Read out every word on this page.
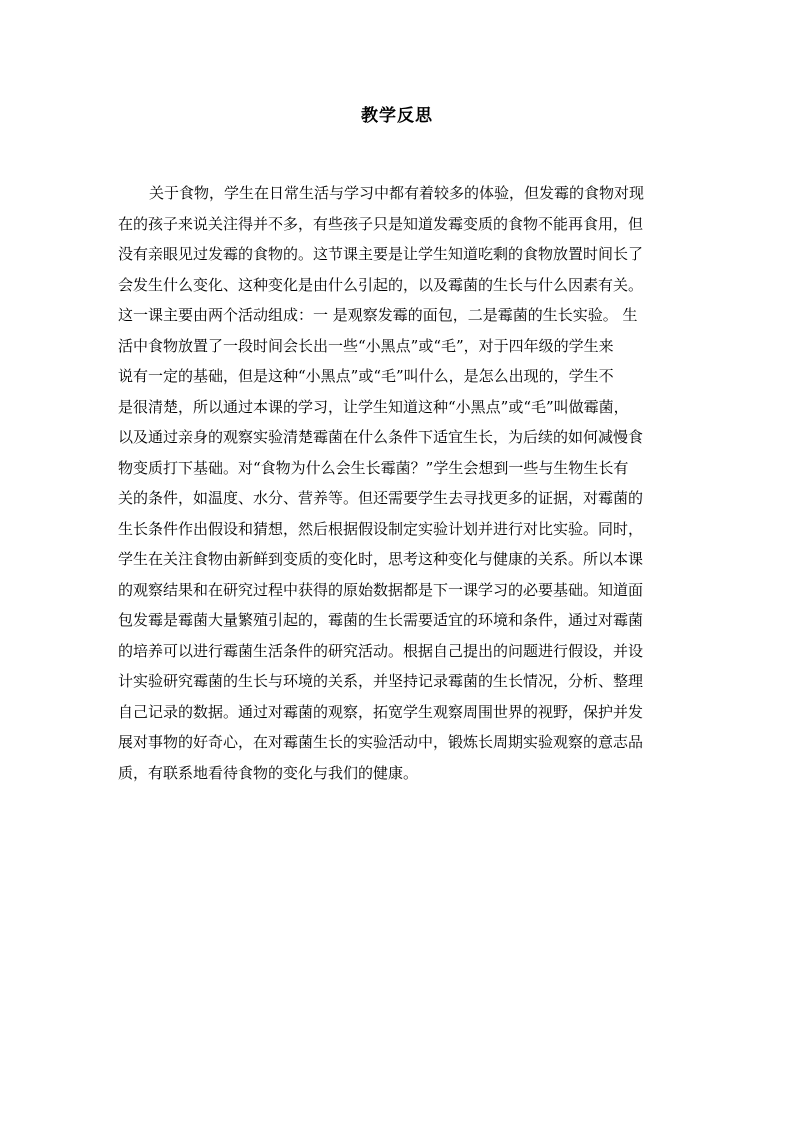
教学反思
关于食物，学生在日常生活与学习中都有着较多的体验，但发霉的食物对现
在的孩子来说关注得并不多，有些孩子只是知道发霉变质的食物不能再食用，但
没有亲眼见过发霉的食物的。这节课主要是让学生知道吃剩的食物放置时间长了
会发生什么变化、这种变化是由什么引起的，以及霉菌的生长与什么因素有关。
这一课主要由两个活动组成：一 是观察发霉的面包，二是霉菌的生长实验。 生
活中食物放置了一段时间会长出一些“小黑点”或“毛”，对于四年级的学生来
说有一定的基础，但是这种“小黑点”或“毛”叫什么，是怎么出现的，学生不
是很清楚，所以通过本课的学习，让学生知道这种“小黑点”或“毛”叫做霉菌，
以及通过亲身的观察实验清楚霉菌在什么条件下适宜生长，为后续的如何减慢食
物变质打下基础。对“食物为什么会生长霉菌？”学生会想到一些与生物生长有
关的条件，如温度、水分、营养等。但还需要学生去寻找更多的证据，对霉菌的
生长条件作出假设和猜想，然后根据假设制定实验计划并进行对比实验。同时，
学生在关注食物由新鲜到变质的变化时，思考这种变化与健康的关系。所以本课
的观察结果和在研究过程中获得的原始数据都是下一课学习的必要基础。知道面
包发霉是霉菌大量繁殖引起的，霉菌的生长需要适宜的环境和条件，通过对霉菌
的培养可以进行霉菌生活条件的研究活动。根据自己提出的问题进行假设，并设
计实验研究霉菌的生长与环境的关系，并坚持记录霉菌的生长情况，分析、整理
自己记录的数据。通过对霉菌的观察，拓宽学生观察周围世界的视野，保护并发
展对事物的好奇心，在对霉菌生长的实验活动中，锻炼长周期实验观察的意志品
质，有联系地看待食物的变化与我们的健康。
